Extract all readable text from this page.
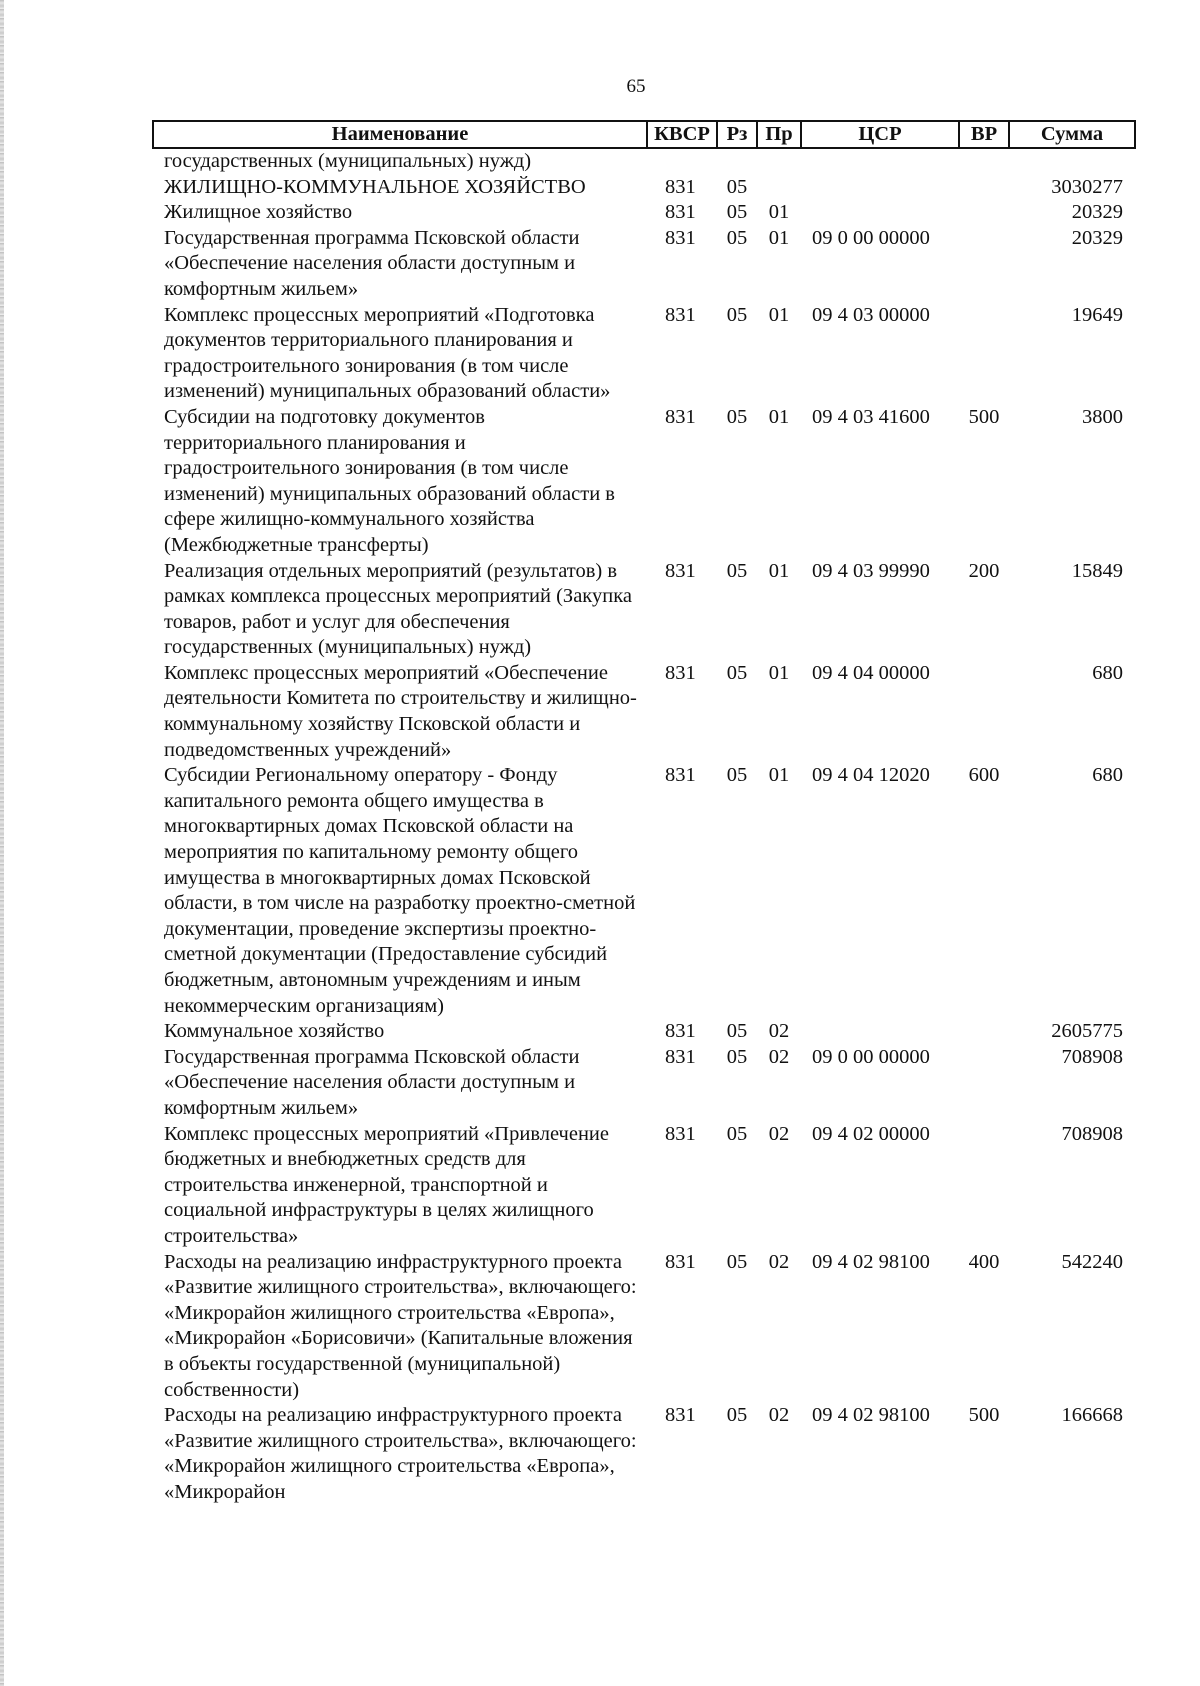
65
Наименование	КВСР	Рз	Пр	ЦСР	ВР	Сумма
государственных (муниципальных) нужд)						
ЖИЛИЩНО-КОММУНАЛЬНОЕ ХОЗЯЙСТВО	831	05				3030277
Жилищное хозяйство	831	05	01			20329
Государственная программа Псковской области «Обеспечение населения области доступным и комфортным жильем»	831	05	01	09 0 00 00000		20329
Комплекс процессных мероприятий «Подготовка документов территориального планирования и градостроительного зонирования (в том числе изменений) муниципальных образований области»	831	05	01	09 4 03 00000		19649
Субсидии на подготовку документов территориального планирования и градостроительного зонирования (в том числе изменений) муниципальных образований области в сфере жилищно-коммунального хозяйства (Межбюджетные трансферты)	831	05	01	09 4 03 41600	500	3800
Реализация отдельных мероприятий (результатов) в рамках комплекса процессных мероприятий (Закупка товаров, работ и услуг для обеспечения государственных (муниципальных) нужд)	831	05	01	09 4 03 99990	200	15849
Комплекс процессных мероприятий «Обеспечение деятельности Комитета по строительству и жилищно-коммунальному хозяйству Псковской области и подведомственных учреждений»	831	05	01	09 4 04 00000		680
Субсидии Региональному оператору - Фонду капитального ремонта общего имущества в многоквартирных домах Псковской области на мероприятия по капитальному ремонту общего имущества в многоквартирных домах Псковской области, в том числе на разработку проектно-сметной документации, проведение экспертизы проектно-сметной документации (Предоставление субсидий бюджетным, автономным учреждениям и иным некоммерческим организациям)	831	05	01	09 4 04 12020	600	680
Коммунальное хозяйство	831	05	02			2605775
Государственная программа Псковской области «Обеспечение населения области доступным и комфортным жильем»	831	05	02	09 0 00 00000		708908
Комплекс процессных мероприятий «Привлечение бюджетных и внебюджетных средств для строительства инженерной, транспортной и социальной инфраструктуры в целях жилищного строительства»	831	05	02	09 4 02 00000		708908
Расходы на реализацию инфраструктурного проекта «Развитие жилищного строительства», включающего: «Микрорайон жилищного строительства «Европа», «Микрорайон «Борисовичи» (Капитальные вложения в объекты государственной (муниципальной) собственности)	831	05	02	09 4 02 98100	400	542240
Расходы на реализацию инфраструктурного проекта «Развитие жилищного строительства», включающего: «Микрорайон жилищного строительства «Европа», «Микрорайон	831	05	02	09 4 02 98100	500	166668
